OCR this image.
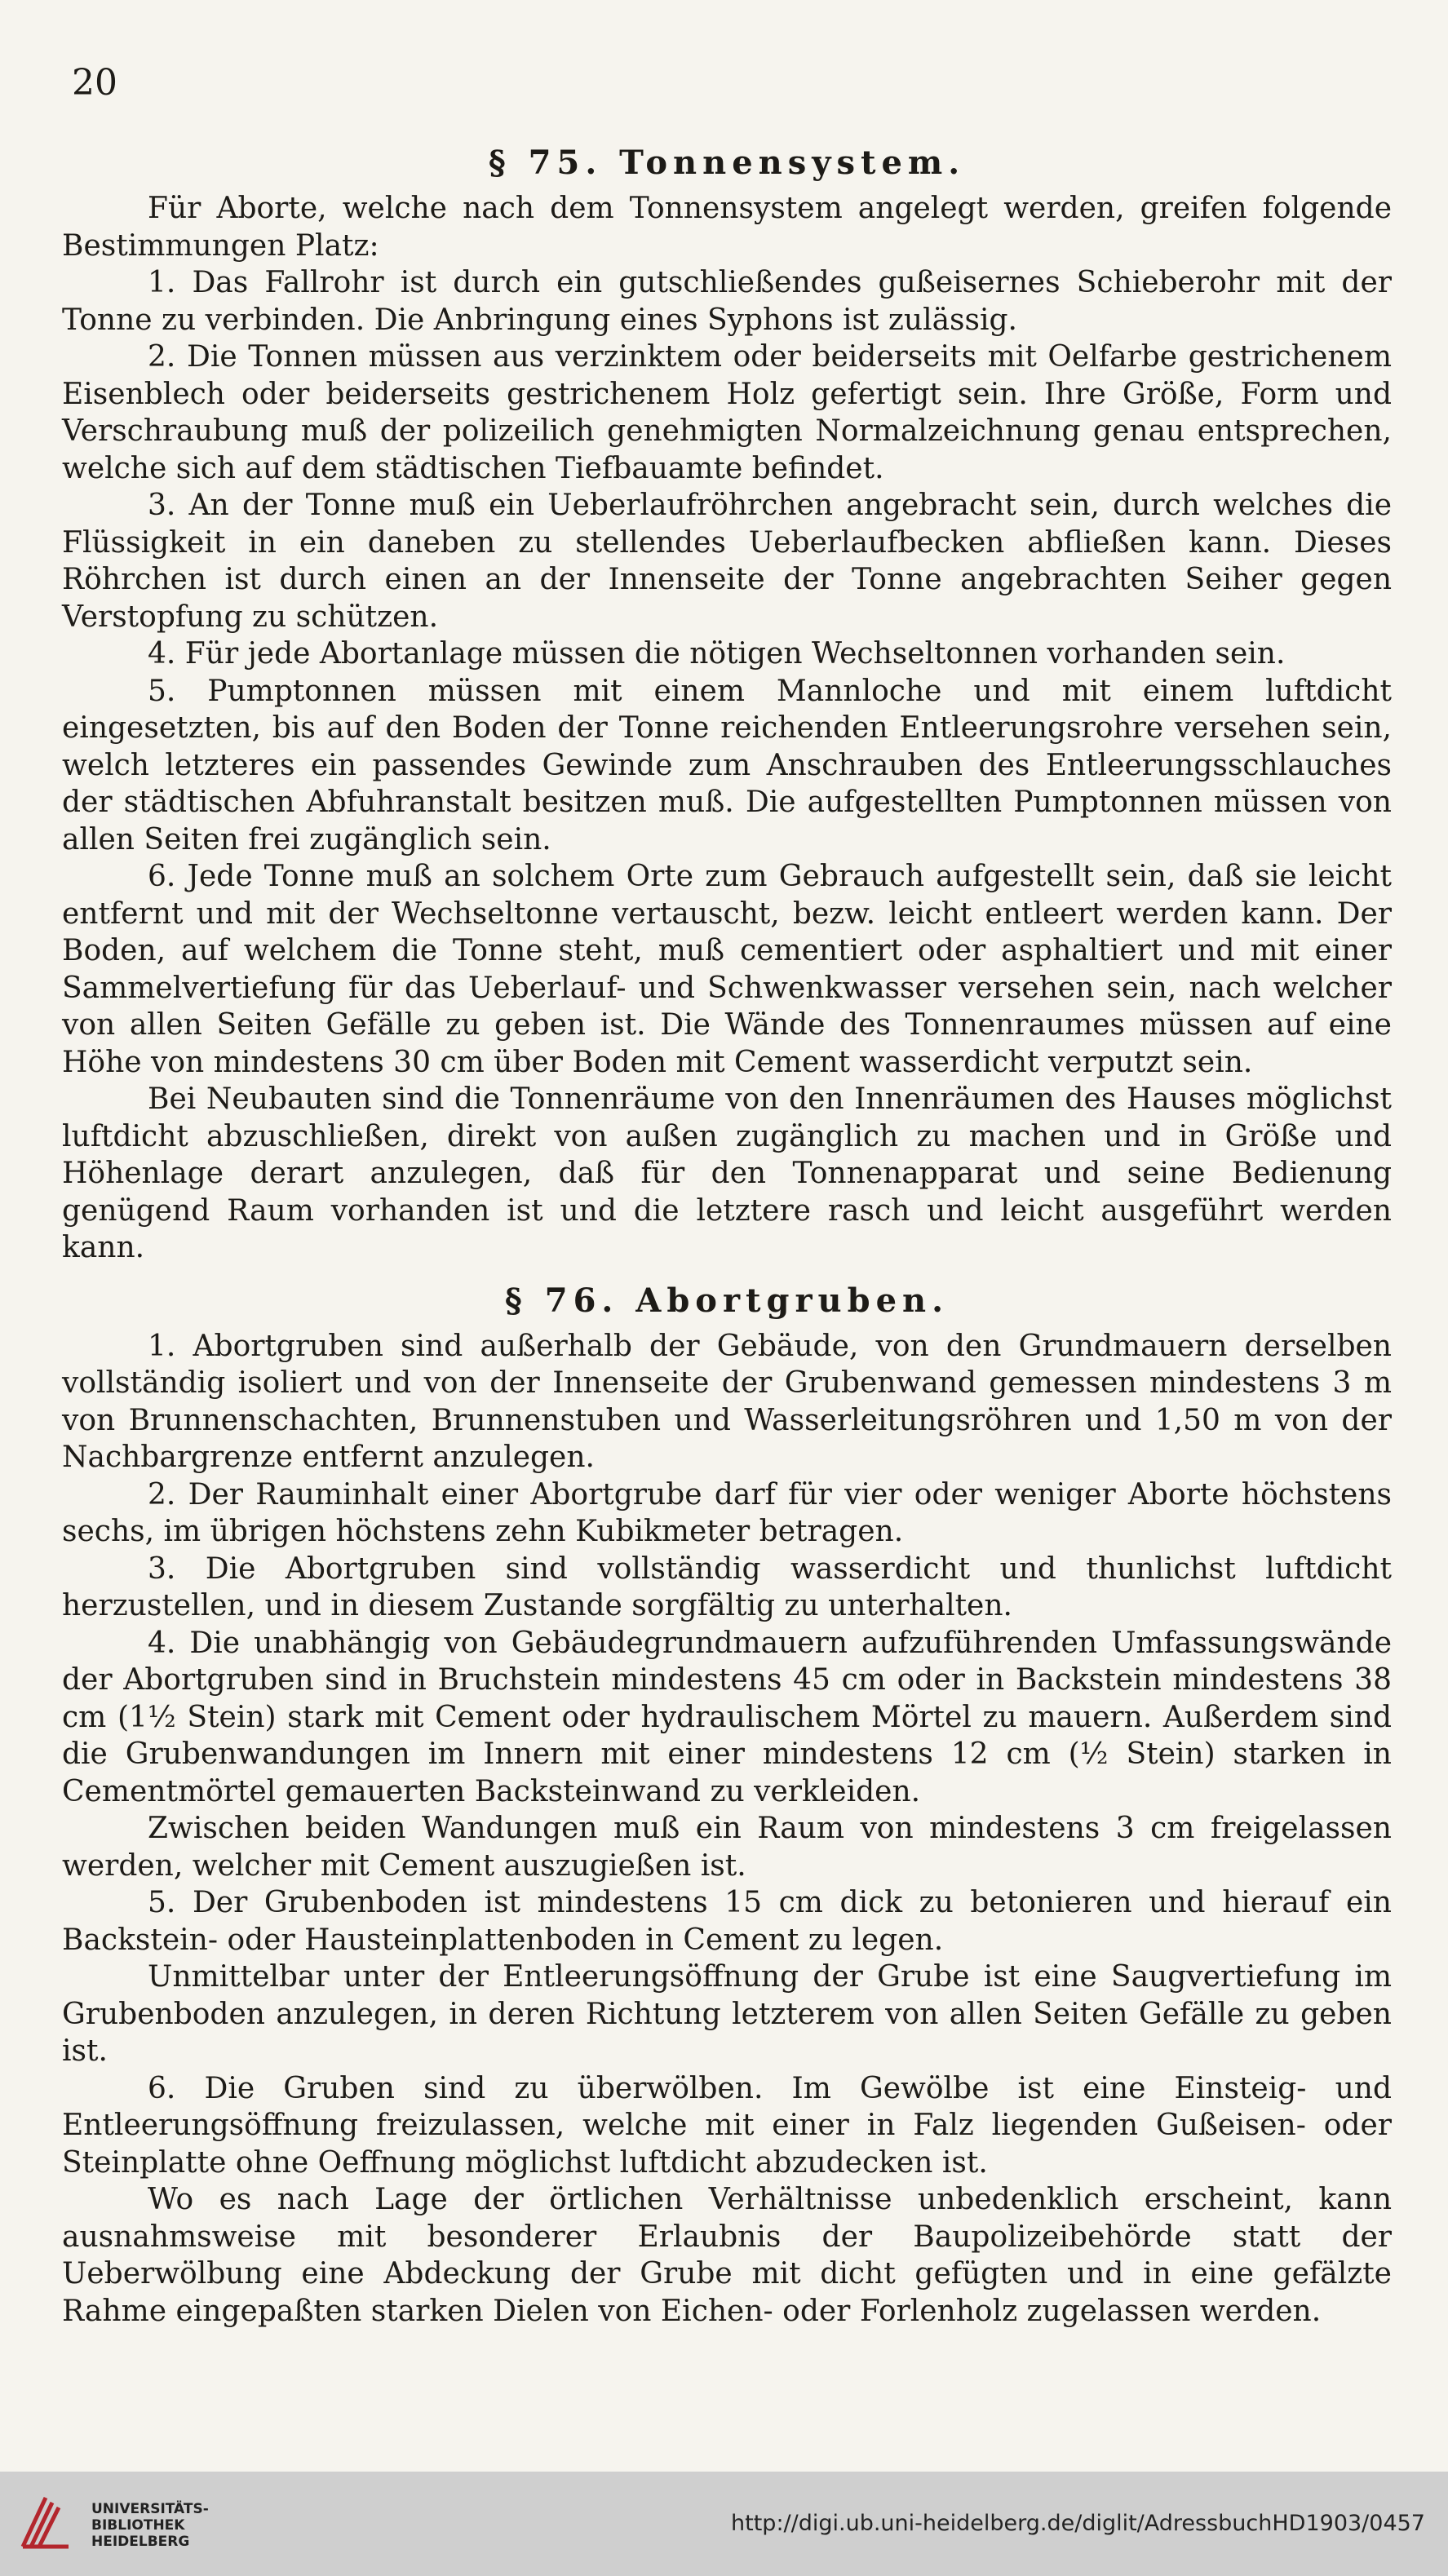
20
§ 75. Tonnensystem.

Für Aborte, welche nach dem Tonnensystem angelegt werden, greifen folgende Bestimmungen Platz:

1. Das Fallrohr ist durch ein gutschließendes gußeisernes Schieberohr mit der Tonne zu verbinden. Die Anbringung eines Syphons ist zulässig.

2. Die Tonnen müssen aus verzinktem oder beiderseits mit Oelfarbe gestrichenem Eisenblech oder beiderseits gestrichenem Holz gefertigt sein. Ihre Größe, Form und Verschraubung muß der polizeilich genehmigten Normalzeichnung genau entsprechen, welche sich auf dem städtischen Tiefbauamte befindet.

3. An der Tonne muß ein Ueberlaufröhrchen angebracht sein, durch welches die Flüssigkeit in ein daneben zu stellendes Ueberlaufbecken abfließen kann. Dieses Röhrchen ist durch einen an der Innenseite der Tonne angebrachten Seiher gegen Verstopfung zu schützen.

4. Für jede Abortanlage müssen die nötigen Wechseltonnen vorhanden sein.

5. Pumptonnen müssen mit einem Mannloche und mit einem luftdicht eingesetzten, bis auf den Boden der Tonne reichenden Entleerungsrohre versehen sein, welch letzteres ein passendes Gewinde zum Anschrauben des Entleerungsschlauches der städtischen Abfuhranstalt besitzen muß. Die aufgestellten Pumptonnen müssen von allen Seiten frei zugänglich sein.

6. Jede Tonne muß an solchem Orte zum Gebrauch aufgestellt sein, daß sie leicht entfernt und mit der Wechseltonne vertauscht, bezw. leicht entleert werden kann. Der Boden, auf welchem die Tonne steht, muß cementiert oder asphaltiert und mit einer Sammelvertiefung für das Ueberlauf- und Schwenkwasser versehen sein, nach welcher von allen Seiten Gefälle zu geben ist. Die Wände des Tonnenraumes müssen auf eine Höhe von mindestens 30 cm über Boden mit Cement wasserdicht verputzt sein.

Bei Neubauten sind die Tonnenräume von den Innenräumen des Hauses möglichst luftdicht abzuschließen, direkt von außen zugänglich zu machen und in Größe und Höhenlage derart anzulegen, daß für den Tonnenapparat und seine Bedienung genügend Raum vorhanden ist und die letztere rasch und leicht ausgeführt werden kann.

§ 76. Abortgruben.

1. Abortgruben sind außerhalb der Gebäude, von den Grundmauern derselben vollständig isoliert und von der Innenseite der Grubenwand gemessen mindestens 3 m von Brunnenschachten, Brunnenstuben und Wasserleitungsröhren und 1,50 m von der Nachbargrenze entfernt anzulegen.

2. Der Rauminhalt einer Abortgrube darf für vier oder weniger Aborte höchstens sechs, im übrigen höchstens zehn Kubikmeter betragen.

3. Die Abortgruben sind vollständig wasserdicht und thunlichst luftdicht herzustellen, und in diesem Zustande sorgfältig zu unterhalten.

4. Die unabhängig von Gebäudegrundmauern aufzuführenden Umfassungswände der Abortgruben sind in Bruchstein mindestens 45 cm oder in Backstein mindestens 38 cm (1½ Stein) stark mit Cement oder hydraulischem Mörtel zu mauern. Außerdem sind die Grubenwandungen im Innern mit einer mindestens 12 cm (½ Stein) starken in Cementmörtel gemauerten Backsteinwand zu verkleiden.

Zwischen beiden Wandungen muß ein Raum von mindestens 3 cm freigelassen werden, welcher mit Cement auszugießen ist.

5. Der Grubenboden ist mindestens 15 cm dick zu betonieren und hierauf ein Backstein- oder Hausteinplattenboden in Cement zu legen.

Unmittelbar unter der Entleerungsöffnung der Grube ist eine Saugvertiefung im Grubenboden anzulegen, in deren Richtung letzterem von allen Seiten Gefälle zu geben ist.

6. Die Gruben sind zu überwölben. Im Gewölbe ist eine Einsteig- und Entleerungsöffnung freizulassen, welche mit einer in Falz liegenden Gußeisen- oder Steinplatte ohne Oeffnung möglichst luftdicht abzudecken ist.

Wo es nach Lage der örtlichen Verhältnisse unbedenklich erscheint, kann ausnahmsweise mit besonderer Erlaubnis der Baupolizeibehörde statt der Ueberwölbung eine Abdeckung der Grube mit dicht gefügten und in eine gefälzte Rahme eingepaßten starken Dielen von Eichen- oder Forlenholz zugelassen werden.

UNIVERSITÄTS-
BIBLIOTHEK
HEIDELBERG
http://digi.ub.uni-heidelberg.de/diglit/AdressbuchHD1903/0457
